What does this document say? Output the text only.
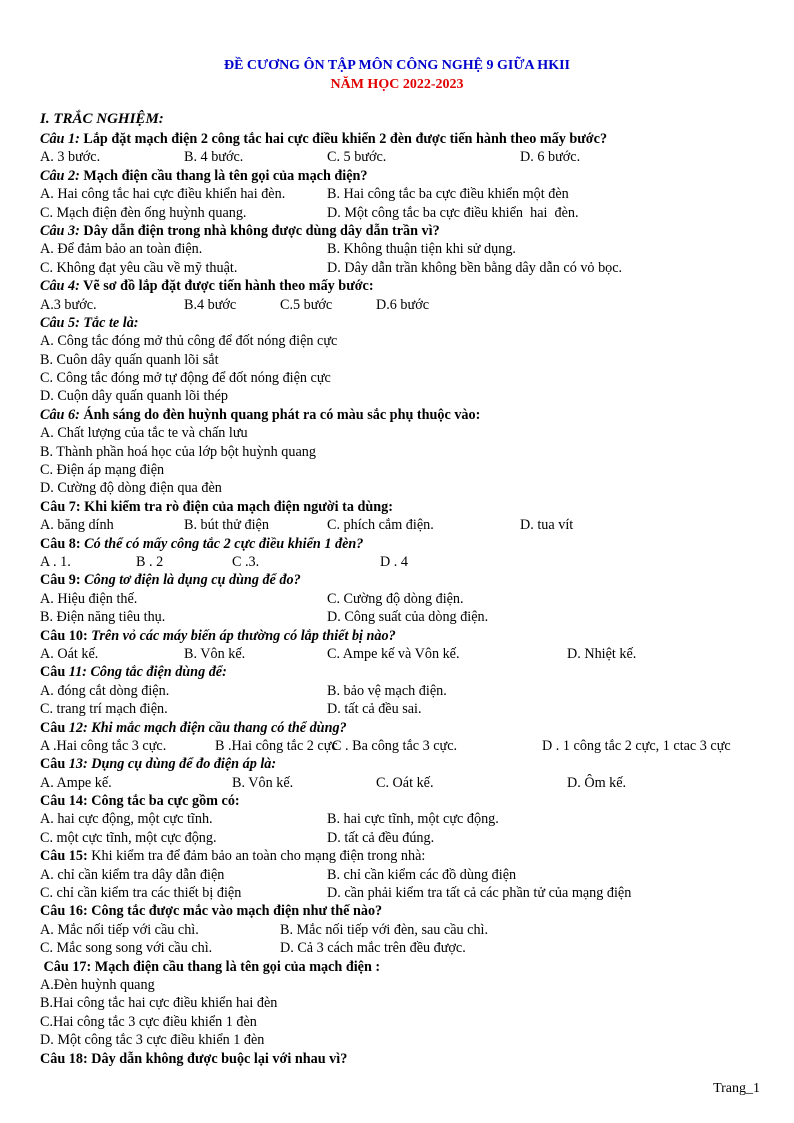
ĐỀ CƯƠNG ÔN TẬP MÔN CÔNG NGHỆ 9 GIỮA HKII
NĂM HỌC 2022-2023
I. TRẮC NGHIỆM:
Câu 1: Lắp đặt mạch điện 2 công tắc hai cực điều khiển 2 đèn được tiến hành theo mấy bước?
A. 3 bước.	B. 4 bước.	C. 5 bước.	D. 6 bước.
Câu 2: Mạch điện cầu thang là tên gọi của mạch điện?
A. Hai công tắc hai cực điều khiển hai đèn.	B. Hai công tắc ba cực điều khiển một đèn
C. Mạch điện đèn ống huỳnh quang.	D. Một công tắc ba cực điều khiển  hai  đèn.
Câu 3: Dây dẫn điện trong nhà không được dùng dây dẫn trần vì?
A. Để đảm bảo an toàn điện.	B. Không thuận tiện khi sử dụng.
C. Không đạt yêu cầu về mỹ thuật.	D. Dây dẫn trần không bền bằng dây dẫn có vỏ bọc.
Câu 4: Vẽ sơ đồ lắp đặt được tiến hành theo mấy bước:
A.3 bước.	B.4 bước	C.5 bước	D.6 bước
Câu 5: Tắc te là:
A. Công tắc đóng mở thủ công để đốt nóng điện cực
B. Cuôn dây quấn quanh lõi sắt
C. Công tắc đóng mở tự động để đốt nóng điện cực
D. Cuộn dây quấn quanh lõi thép
Câu 6: Ánh sáng do đèn huỳnh quang phát ra có màu sắc phụ thuộc vào:
A. Chất lượng của tắc te và chấn lưu
B. Thành phần hoá học của lớp bột huỳnh quang
C. Điện áp mạng điện
D. Cường độ dòng điện qua đèn
Câu 7: Khi kiểm tra rò điện của mạch điện người ta dùng:
A. băng dính	B. bút thử điện	C. phích cắm điện.	D. tua vít
Câu 8: Có thể có mấy công tắc 2 cực điều khiển 1 đèn?
A . 1.	B . 2	C .3.	D . 4
Câu 9: Công tơ điện là dụng cụ dùng để đo?
A. Hiệu điện thế.	C. Cường độ dòng điện.
B. Điện năng tiêu thụ.	D. Công suất của dòng điện.
Câu 10: Trên vỏ các máy biến áp thường có lắp thiết bị nào?
A. Oát kế.	B. Vôn kế.	C. Ampe kế và Vôn kế.	D. Nhiệt kế.
Câu 11: Công tắc điện dùng để:
A. đóng cắt dòng điện.	B. bảo vệ mạch điện.
C. trang trí mạch điện.	D. tất cả đều sai.
Câu 12: Khi mắc mạch điện cầu thang có thể dùng?
A .Hai công tắc 3 cực.	B .Hai công tắc 2 cực
C . Ba công tắc 3 cực.	D . 1 công tắc 2 cực, 1 ctac 3 cực
Câu 13: Dụng cụ dùng để đo điện áp là:
A. Ampe kế.	B. Vôn kế.	C. Oát kế.	D. Ôm kế.
Câu 14: Công tắc ba cực gồm có:
A. hai cực động, một cực tĩnh.	B. hai cực tĩnh, một cực động.
C. một cực tĩnh, một cực động.	D. tất cả đều đúng.
Câu 15: Khi kiểm tra để đảm bảo an toàn cho mạng điện trong nhà:
A. chỉ cần kiểm tra dây dẫn điện	B. chỉ cần kiểm các đồ dùng điện
C. chỉ cần kiểm tra các thiết bị điện	D. cần phải kiểm tra tất cả các phần tử của mạng điện
Câu 16: Công tắc được mắc vào mạch điện như thế nào?
A. Mắc nối tiếp với cầu chì.	B. Mắc nối tiếp với đèn, sau cầu chì.
C. Mắc song song với cầu chì.	D. Cả 3 cách mắc trên đều được.
Câu 17: Mạch điện cầu thang là tên gọi của mạch điện :
A.Đèn huỳnh quang
B.Hai công tắc hai cực điều khiển hai đèn
C.Hai công tắc 3 cực điều khiển 1 đèn
D. Một công tắc 3 cực điều khiển 1 đèn
Câu 18: Dây dẫn không được buộc lại với nhau vì?
Trang_1
